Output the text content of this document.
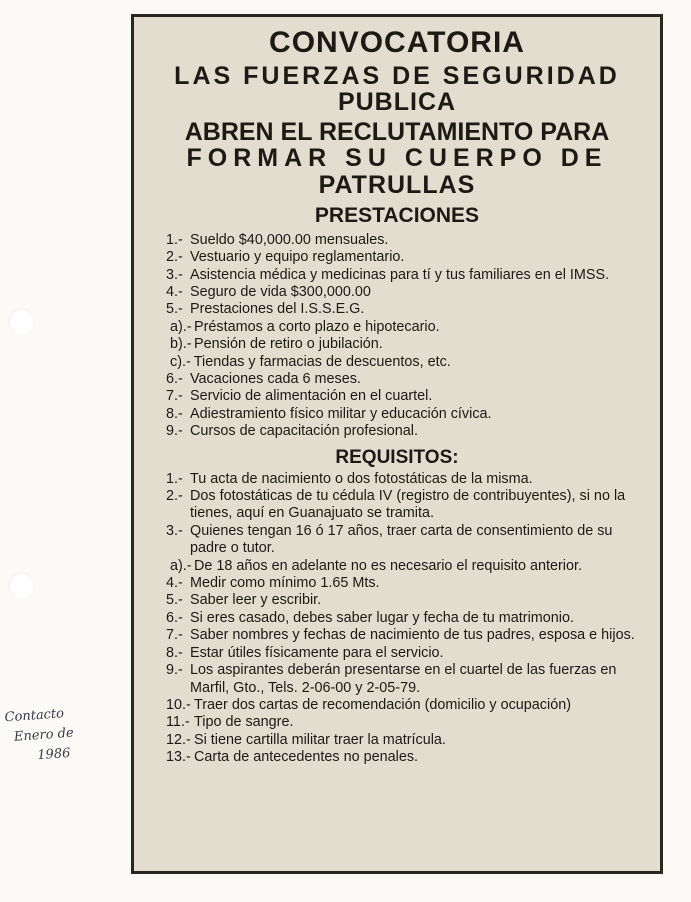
CONVOCATORIA

LAS FUERZAS DE SEGURIDAD

PUBLICA

ABREN EL RECLUTAMIENTO PARA

FORMAR SU CUERPO DE

PATRULLAS

PRESTACIONES
1.- Sueldo $40,000.00 mensuales.
2.- Vestuario y equipo reglamentario.
3.- Asistencia médica y medicinas para tí y tus familiares en el IMSS.
4.- Seguro de vida $300,000.00
5.- Prestaciones del I.S.S.E.G.
a).- Préstamos a corto plazo e hipotecario.
b).- Pensión de retiro o jubilación.
c).- Tiendas y farmacias de descuentos, etc.
6.- Vacaciones cada 6 meses.
7.- Servicio de alimentación en el cuartel.
8.- Adiestramiento físico militar y educación cívica.
9.- Cursos de capacitación profesional.
REQUISITOS:
1.- Tu acta de nacimiento o dos fotostáticas de la misma.
2.- Dos fotostáticas de tu cédula IV (registro de contribuyentes), si no la tienes, aquí en Guanajuato se tramita.
3.- Quienes tengan 16 ó 17 años, traer carta de consentimiento de su padre o tutor.
a).- De 18 años en adelante no es necesario el requisito anterior.
4.- Medir como mínimo 1.65 Mts.
5.- Saber leer y escribir.
6.- Si eres casado, debes saber lugar y fecha de tu matrimonio.
7.- Saber nombres y fechas de nacimiento de tus padres, esposa e hijos.
8.- Estar útiles físicamente para el servicio.
9.- Los aspirantes deberán presentarse en el cuartel de las fuerzas en Marfil, Gto., Tels. 2-06-00 y 2-05-79.
10.- Traer dos cartas de recomendación (domicilio y ocupación)
11.- Tipo de sangre.
12.- Si tiene cartilla militar traer la matrícula.
13.- Carta de antecedentes no penales.
Contacto
Enero de
1986
